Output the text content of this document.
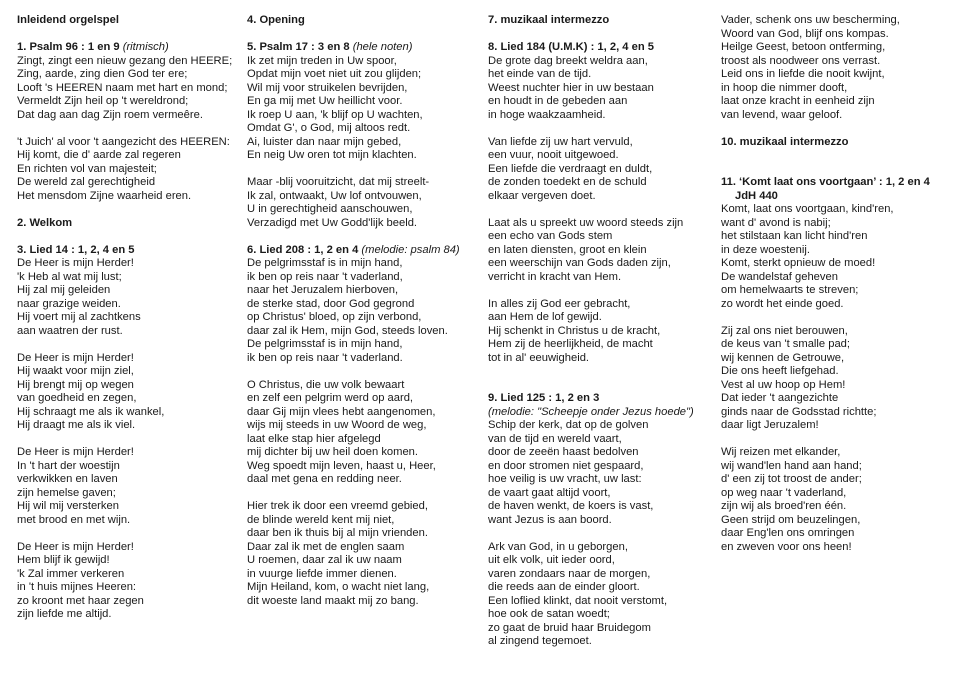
Inleidend orgelspel
1. Psalm 96 : 1 en 9 (ritmisch)
Zingt, zingt een nieuw gezang den HEERE;
Zing, aarde, zing dien God ter ere;
Looft 's HEEREN naam met hart en mond;
Vermeldt Zijn heil op 't wereldrond;
Dat dag aan dag Zijn roem vermeêre.
't Juich' al voor 't aangezicht des HEEREN:
Hij komt, die d' aarde zal regeren
En richten vol van majesteit;
De wereld zal gerechtigheid
Het mensdom Zijne waarheid eren.
2. Welkom
3. Lied 14 : 1, 2, 4 en 5
De Heer is mijn Herder!
'k Heb al wat mij lust;
Hij zal mij geleiden
naar grazige weiden.
Hij voert mij al zachtkens
aan waatren der rust.
De Heer is mijn Herder!
Hij waakt voor mijn ziel,
Hij brengt mij op wegen
van goedheid en zegen,
Hij schraagt me als ik wankel,
Hij draagt me als ik viel.
De Heer is mijn Herder!
In 't hart der woestijn
verkwikken en laven
zijn hemelse gaven;
Hij wil mij versterken
met brood en met wijn.
De Heer is mijn Herder!
Hem blijf ik gewijd!
'k Zal immer verkeren
in 't huis mijnes Heeren:
zo kroont met haar zegen
zijn liefde me altijd.
4. Opening
5. Psalm 17 : 3 en 8 (hele noten)
Ik zet mijn treden in Uw spoor,
Opdat mijn voet niet uit zou glijden;
Wil mij voor struikelen bevrijden,
En ga mij met Uw heillicht voor.
Ik roep U aan, 'k blijf op U wachten,
Omdat G', o God, mij altoos redt.
Ai, luister dan naar mijn gebed,
En neig Uw oren tot mijn klachten.
Maar -blij vooruitzicht, dat mij streelt-
Ik zal, ontwaakt, Uw lof ontvouwen,
U in gerechtigheid aanschouwen,
Verzadigd met Uw Godd'lijk beeld.
6. Lied 208 : 1, 2 en 4 (melodie: psalm 84)
De pelgrimsstaf is in mijn hand,
ik ben op reis naar 't vaderland,
naar het Jeruzalem hierboven,
de sterke stad, door God gegrond
op Christus' bloed, op zijn verbond,
daar zal ik Hem, mijn God, steeds loven.
De pelgrimsstaf is in mijn hand,
ik ben op reis naar 't vaderland.
O Christus, die uw volk bewaart
en zelf een pelgrim werd op aard,
daar Gij mijn vlees hebt aangenomen,
wijs mij steeds in uw Woord de weg,
laat elke stap hier afgelegd
mij dichter bij uw heil doen komen.
Weg spoedt mijn leven, haast u, Heer,
daal met gena en redding neer.
Hier trek ik door een vreemd gebied,
de blinde wereld kent mij niet,
daar ben ik thuis bij al mijn vrienden.
Daar zal ik met de englen saam
U roemen, daar zal ik uw naam
in vuurge liefde immer dienen.
Mijn Heiland, kom, o wacht niet lang,
dit woeste land maakt mij zo bang.
7. muzikaal intermezzo
8. Lied 184 (U.M.K) : 1, 2, 4 en 5
De grote dag breekt weldra aan,
het einde van de tijd.
Weest nuchter hier in uw bestaan
en houdt in de gebeden aan
in hoge waakzaamheid.
Van liefde zij uw hart vervuld,
een vuur, nooit uitgewoed.
Een liefde die verdraagt en duldt,
de zonden toedekt en de schuld
elkaar vergeven doet.
Laat als u spreekt uw woord steeds zijn
een echo van Gods stem
en laten diensten, groot en klein
een weerschijn van Gods daden zijn,
verricht in kracht van Hem.
In alles zij God eer gebracht,
aan Hem de lof gewijd.
Hij schenkt in Christus u de kracht,
Hem zij de heerlijkheid, de macht
tot in al' eeuwigheid.
9. Lied 125 : 1, 2 en 3
(melodie: "Scheepje onder Jezus hoede")
Schip der kerk, dat op de golven
van de tijd en wereld vaart,
door de zeeën haast bedolven
en door stromen niet gespaard,
hoe veilig is uw vracht, uw last:
de vaart gaat altijd voort,
de haven wenkt, de koers is vast,
want Jezus is aan boord.
Ark van God, in u geborgen,
uit elk volk, uit ieder oord,
varen zondaars naar de morgen,
die reeds aan de einder gloort.
Een loflied klinkt, dat nooit verstomt,
hoe ook de satan woedt;
zo gaat de bruid haar Bruidegom
al zingend tegemoet.
Vader, schenk ons uw bescherming,
Woord van God, blijf ons kompas.
Heilge Geest, betoon ontferming,
troost als noodweer ons verrast.
Leid ons in liefde die nooit kwijnt,
in hoop die nimmer dooft,
laat onze kracht in eenheid zijn
van levend, waar geloof.
10. muzikaal intermezzo
11. ‘Komt laat ons voortgaan’ : 1, 2 en 4
JdH 440
Komt, laat ons voortgaan, kind'ren,
want d' avond is nabij;
het stilstaan kan licht hind'ren
in deze woestenij.
Komt, sterkt opnieuw de moed!
De wandelstaf geheven
om hemelwaarts te streven;
zo wordt het einde goed.
Zij zal ons niet berouwen,
de keus van 't smalle pad;
wij kennen de Getrouwe,
Die ons heeft liefgehad.
Vest al uw hoop op Hem!
Dat ieder 't aangezichte
ginds naar de Godsstad richtte;
daar ligt Jeruzalem!
Wij reizen met elkander,
wij wand'len hand aan hand;
d' een zij tot troost de ander;
op weg naar 't vaderland,
zijn wij als broed'ren één.
Geen strijd om beuzelingen,
daar Eng'len ons omringen
en zweven voor ons heen!
